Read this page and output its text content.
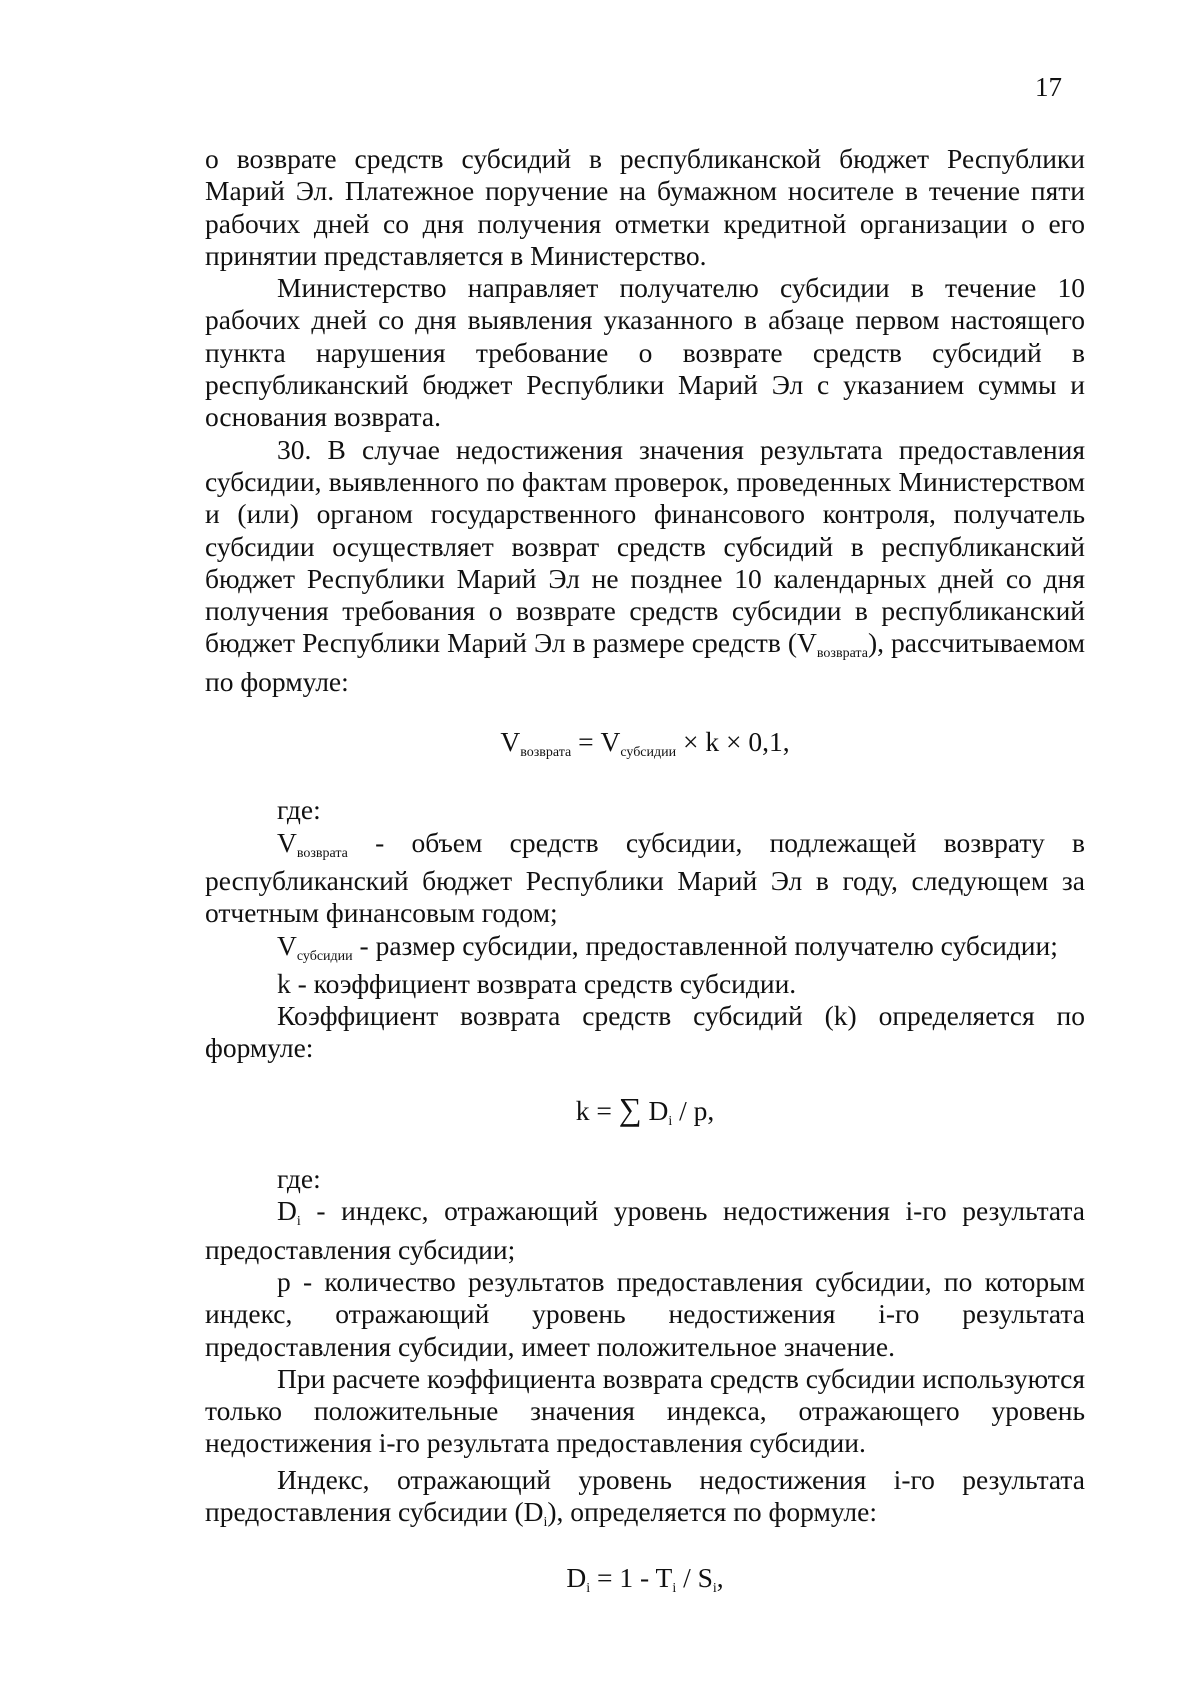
17

о возврате средств субсидий в республиканской бюджет Республики Марий Эл. Платежное поручение на бумажном носителе в течение пяти рабочих дней со дня получения отметки кредитной организации о его принятии представляется в Министерство.

Министерство направляет получателю субсидии в течение 10 рабочих дней со дня выявления указанного в абзаце первом настоящего пункта нарушения требование о возврате средств субсидий в республиканский бюджет Республики Марий Эл с указанием суммы и основания возврата.

30. В случае недостижения значения результата предоставления субсидии, выявленного по фактам проверок, проведенных Министерством и (или) органом государственного финансового контроля, получатель субсидии осуществляет возврат средств субсидий в республиканский бюджет Республики Марий Эл не позднее 10 календарных дней со дня получения требования о возврате средств субсидии в республиканский бюджет Республики Марий Эл в размере средств $(V_{возврата})$, рассчитываемом по формуле:

$V_{возврата} = V_{субсидии} \times k \times 0,1$,

где:

$V_{возврата}$ - объем средств субсидии, подлежащей возврату в республиканский бюджет Республики Марий Эл в году, следующем за отчетным финансовым годом;

$V_{субсидии}$ - размер субсидии, предоставленной получателю субсидии;

k - коэффициент возврата средств субсидии.

Коэффициент возврата средств субсидий (k) определяется по формуле:

k = ∑ $D_i$ / p,

где:

$D_i$ - индекс, отражающий уровень недостижения i-го результата предоставления субсидии;

p - количество результатов предоставления субсидии, по которым индекс, отражающий уровень недостижения i-го результата предоставления субсидии, имеет положительное значение.

При расчете коэффициента возврата средств субсидии используются только положительные значения индекса, отражающего уровень недостижения i-го результата предоставления субсидии.

Индекс, отражающий уровень недостижения i-го результата предоставления субсидии $(D_i)$, определяется по формуле:

$D_i = 1 - T_i / S_i$,
